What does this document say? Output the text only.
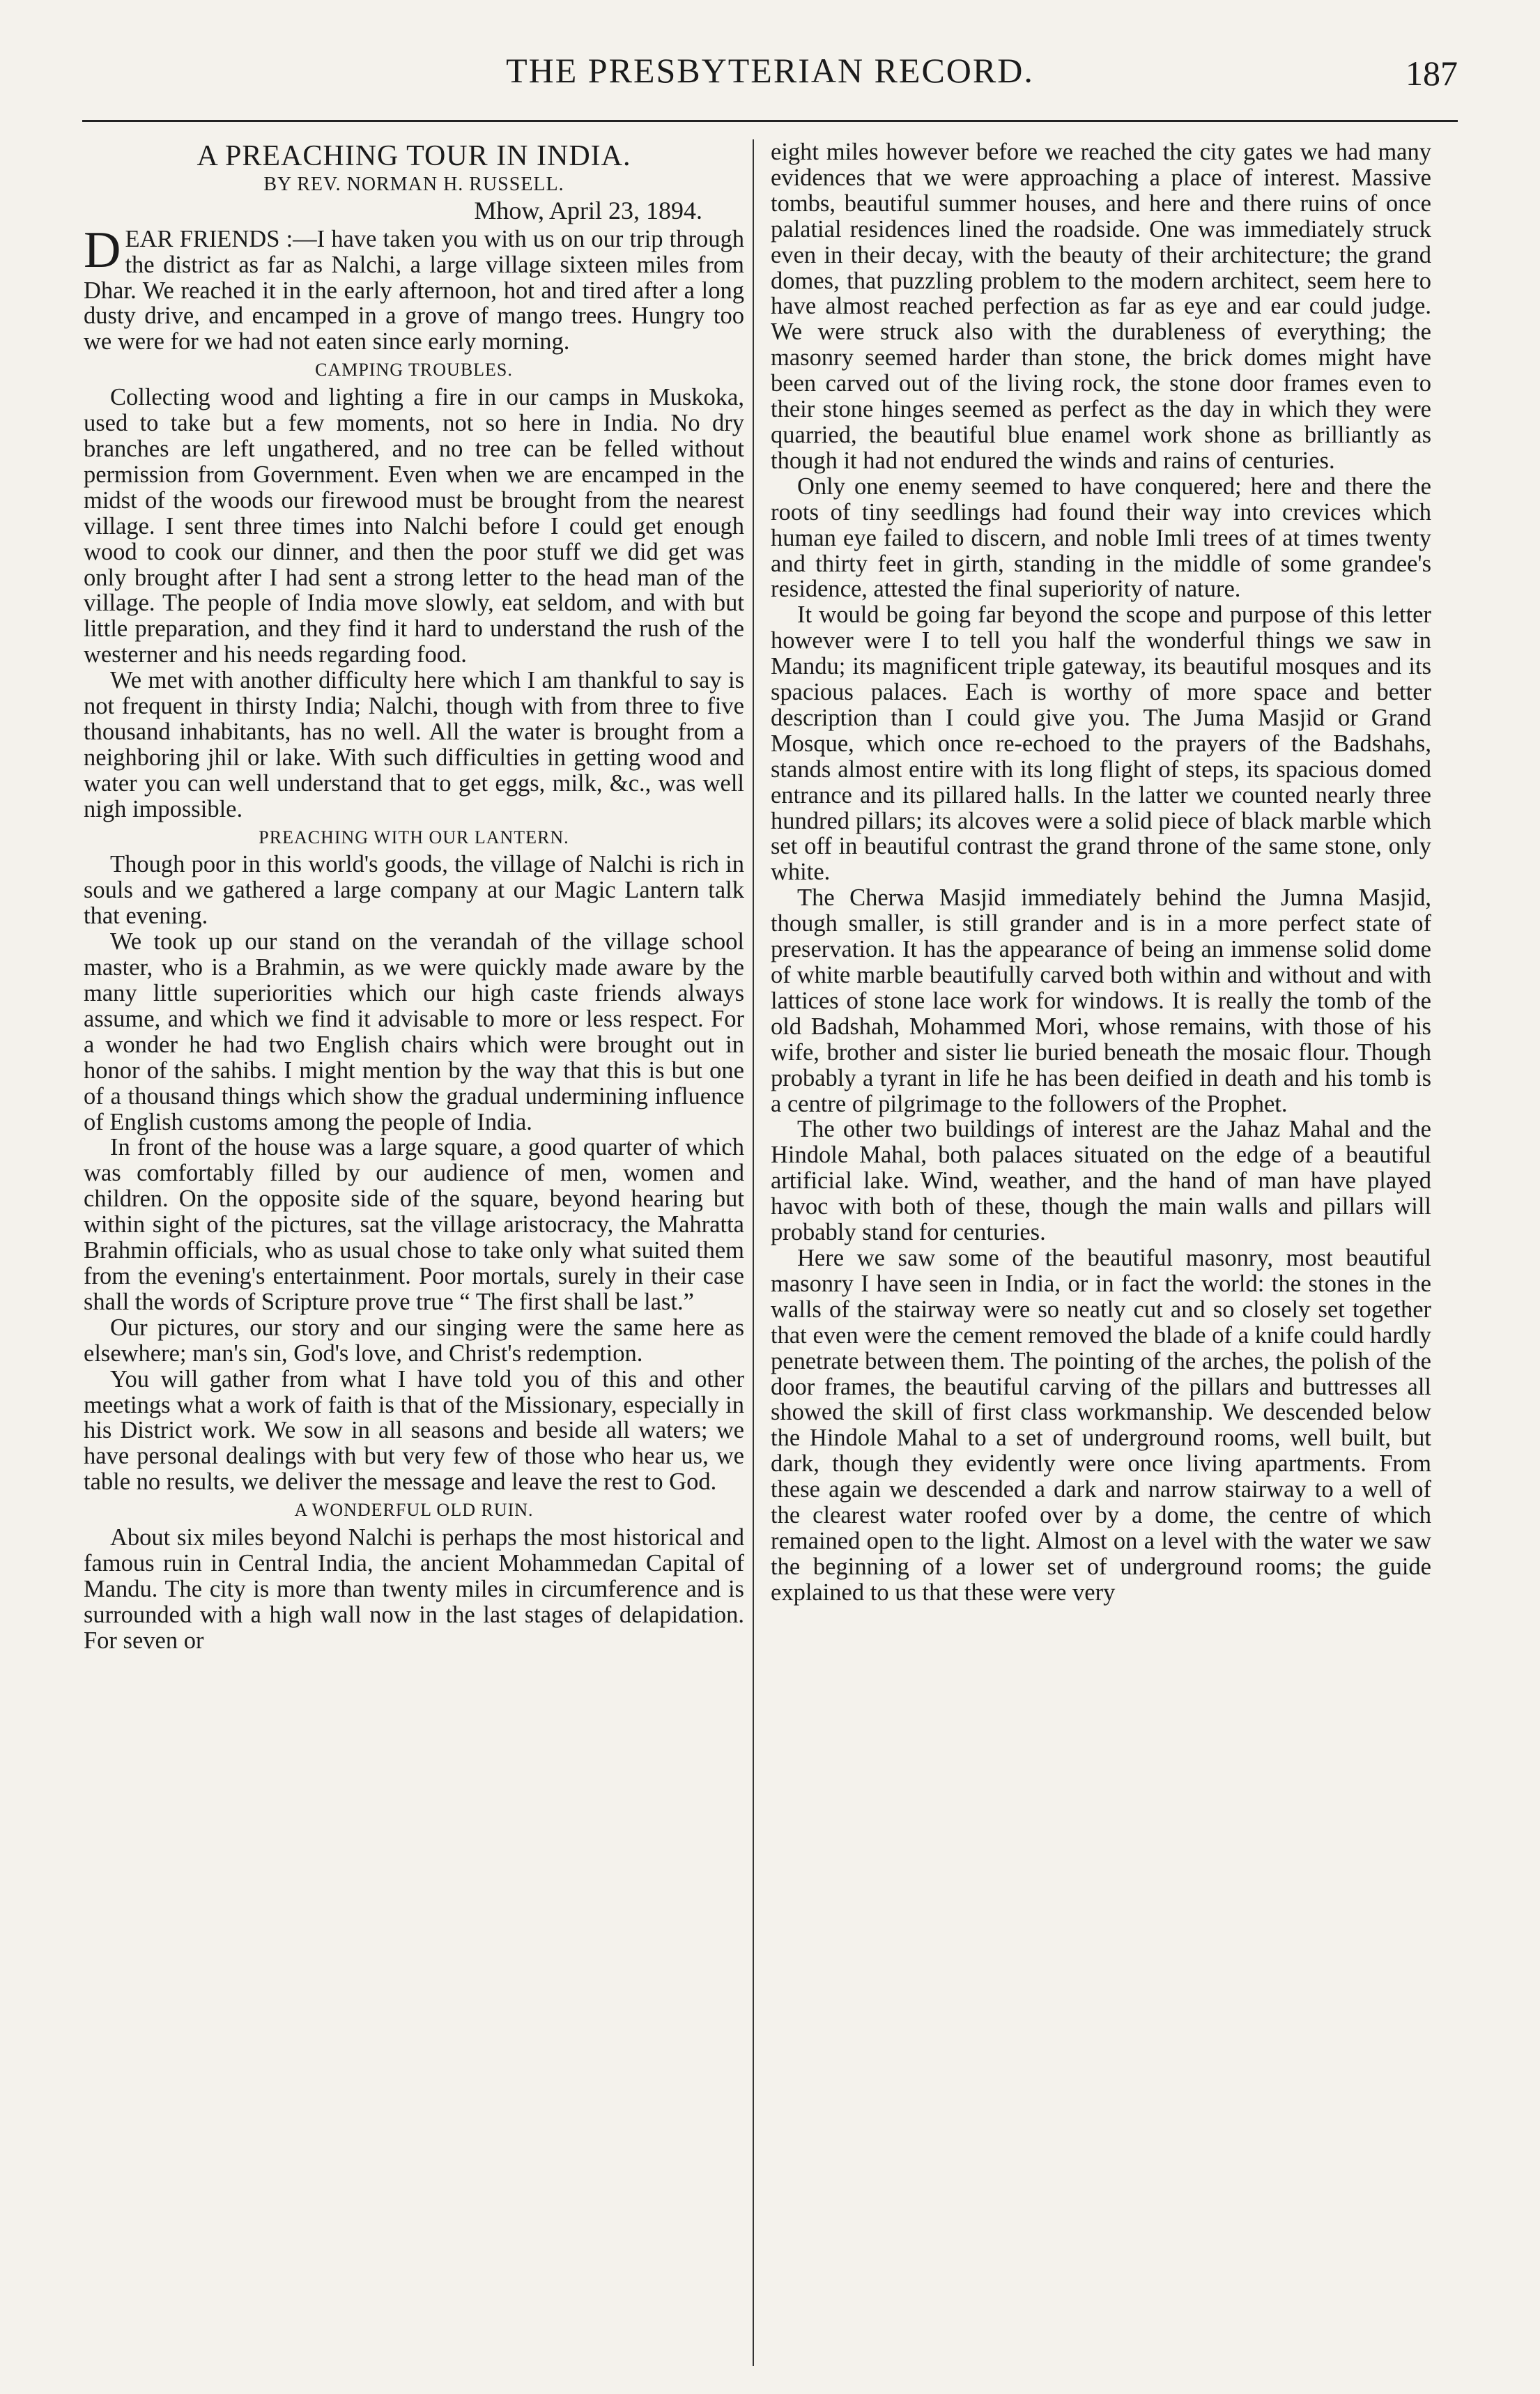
THE PRESBYTERIAN RECORD.	187

A PREACHING TOUR IN INDIA.

BY REV. NORMAN H. RUSSELL.

Mhow, April 23, 1894.

DEAR FRIENDS :—I have taken you with us on our trip through the district as far as Nalchi, a large village sixteen miles from Dhar. We reached it in the early afternoon, hot and tired after a long dusty drive, and encamped in a grove of mango trees. Hungry too we were for we had not eaten since early morning.

CAMPING TROUBLES.

Collecting wood and lighting a fire in our camps in Muskoka, used to take but a few moments, not so here in India. No dry branches are left ungathered, and no tree can be felled without permission from Government. Even when we are encamped in the midst of the woods our firewood must be brought from the nearest village. I sent three times into Nalchi before I could get enough wood to cook our dinner, and then the poor stuff we did get was only brought after I had sent a strong letter to the head man of the village. The people of India move slowly, eat seldom, and with but little preparation, and they find it hard to understand the rush of the westerner and his needs regarding food.

We met with another difficulty here which I am thankful to say is not frequent in thirsty India; Nalchi, though with from three to five thousand inhabitants, has no well. All the water is brought from a neighboring jhil or lake. With such difficulties in getting wood and water you can well understand that to get eggs, milk, &c., was well nigh impossible.

PREACHING WITH OUR LANTERN.

Though poor in this world's goods, the village of Nalchi is rich in souls and we gathered a large company at our Magic Lantern talk that evening.

We took up our stand on the verandah of the village school master, who is a Brahmin, as we were quickly made aware by the many little superiorities which our high caste friends always assume, and which we find it advisable to more or less respect. For a wonder he had two English chairs which were brought out in honor of the sahibs. I might mention by the way that this is but one of a thousand things which show the gradual undermining influence of English customs among the people of India.

In front of the house was a large square, a good quarter of which was comfortably filled by our audience of men, women and children. On the opposite side of the square, beyond hearing but within sight of the pictures, sat the village aristocracy, the Mahratta Brahmin officials, who as usual chose to take only what suited them from the evening's entertainment. Poor mortals, surely in their case shall the words of Scripture prove true “ The first shall be last.”

Our pictures, our story and our singing were the same here as elsewhere; man's sin, God's love, and Christ's redemption.

You will gather from what I have told you of this and other meetings what a work of faith is that of the Missionary, especially in his District work. We sow in all seasons and beside all waters; we have personal dealings with but very few of those who hear us, we table no results, we deliver the message and leave the rest to God.

A WONDERFUL OLD RUIN.

About six miles beyond Nalchi is perhaps the most historical and famous ruin in Central India, the ancient Mohammedan Capital of Mandu. The city is more than twenty miles in circumference and is surrounded with a high wall now in the last stages of delapidation. For seven or

eight miles however before we reached the city gates we had many evidences that we were approaching a place of interest. Massive tombs, beautiful summer houses, and here and there ruins of once palatial residences lined the roadside. One was immediately struck even in their decay, with the beauty of their architecture; the grand domes, that puzzling problem to the modern architect, seem here to have almost reached perfection as far as eye and ear could judge. We were struck also with the durableness of everything; the masonry seemed harder than stone, the brick domes might have been carved out of the living rock, the stone door frames even to their stone hinges seemed as perfect as the day in which they were quarried, the beautiful blue enamel work shone as brilliantly as though it had not endured the winds and rains of centuries.

Only one enemy seemed to have conquered; here and there the roots of tiny seedlings had found their way into crevices which human eye failed to discern, and noble Imli trees of at times twenty and thirty feet in girth, standing in the middle of some grandee's residence, attested the final superiority of nature.

It would be going far beyond the scope and purpose of this letter however were I to tell you half the wonderful things we saw in Mandu; its magnificent triple gateway, its beautiful mosques and its spacious palaces. Each is worthy of more space and better description than I could give you. The Juma Masjid or Grand Mosque, which once re-echoed to the prayers of the Badshahs, stands almost entire with its long flight of steps, its spacious domed entrance and its pillared halls. In the latter we counted nearly three hundred pillars; its alcoves were a solid piece of black marble which set off in beautiful contrast the grand throne of the same stone, only white.

The Cherwa Masjid immediately behind the Jumna Masjid, though smaller, is still grander and is in a more perfect state of preservation. It has the appearance of being an immense solid dome of white marble beautifully carved both within and without and with lattices of stone lace work for windows. It is really the tomb of the old Badshah, Mohammed Mori, whose remains, with those of his wife, brother and sister lie buried beneath the mosaic flour. Though probably a tyrant in life he has been deified in death and his tomb is a centre of pilgrimage to the followers of the Prophet.

The other two buildings of interest are the Jahaz Mahal and the Hindole Mahal, both palaces situated on the edge of a beautiful artificial lake. Wind, weather, and the hand of man have played havoc with both of these, though the main walls and pillars will probably stand for centuries.

Here we saw some of the beautiful masonry, most beautiful masonry I have seen in India, or in fact the world: the stones in the walls of the stairway were so neatly cut and so closely set together that even were the cement removed the blade of a knife could hardly penetrate between them. The pointing of the arches, the polish of the door frames, the beautiful carving of the pillars and buttresses all showed the skill of first class workmanship. We descended below the Hindole Mahal to a set of underground rooms, well built, but dark, though they evidently were once living apartments. From these again we descended a dark and narrow stairway to a well of the clearest water roofed over by a dome, the centre of which remained open to the light. Almost on a level with the water we saw the beginning of a lower set of underground rooms; the guide explained to us that these were very
